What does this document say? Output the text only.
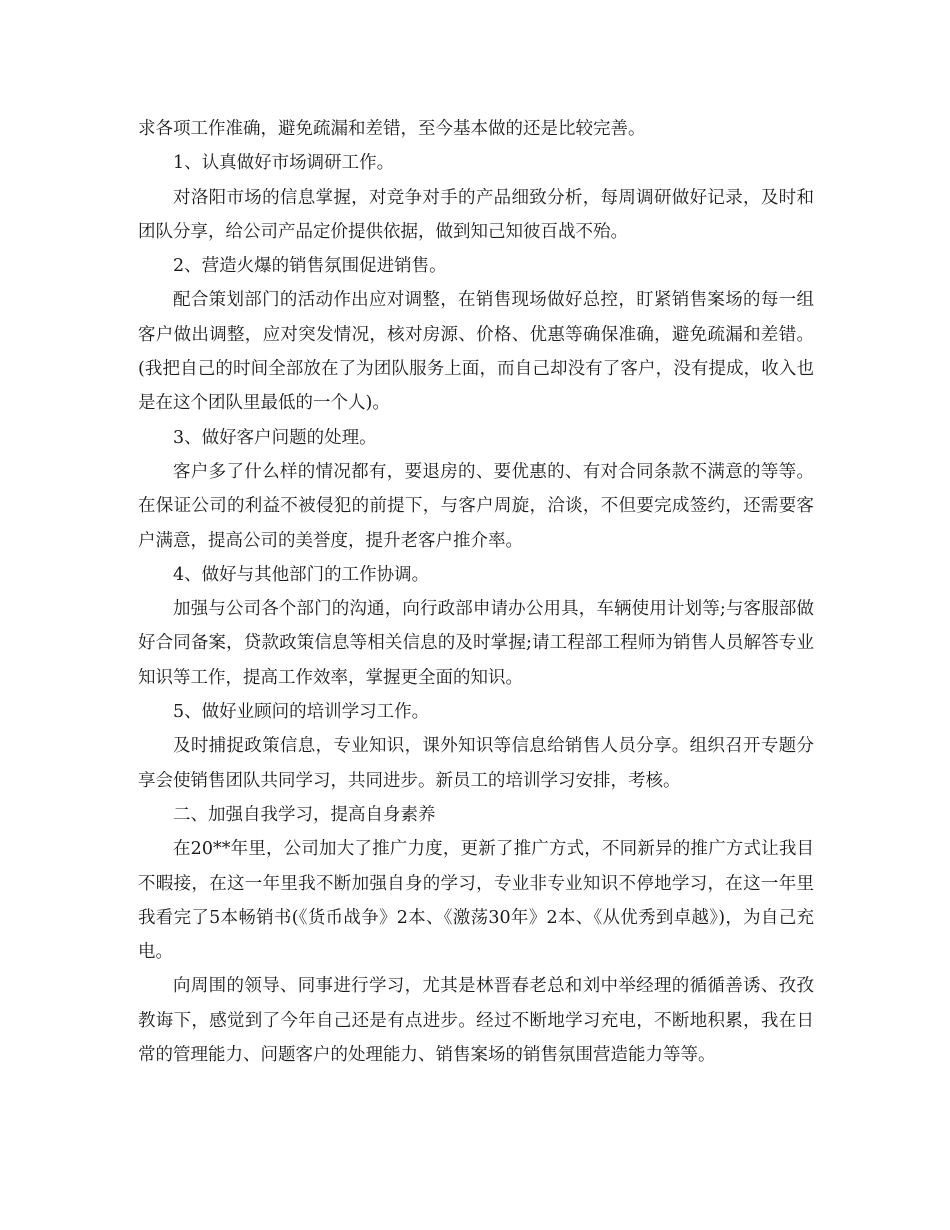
求各项工作准确，避免疏漏和差错，至今基本做的还是比较完善。

1、认真做好市场调研工作。

对洛阳市场的信息掌握，对竞争对手的产品细致分析，每周调研做好记录，及时和团队分享，给公司产品定价提供依据，做到知己知彼百战不殆。

2、营造火爆的销售氛围促进销售。

配合策划部门的活动作出应对调整，在销售现场做好总控，盯紧销售案场的每一组客户做出调整，应对突发情况，核对房源、价格、优惠等确保准确，避免疏漏和差错。(我把自己的时间全部放在了为团队服务上面，而自己却没有了客户，没有提成，收入也是在这个团队里最低的一个人)。

3、做好客户问题的处理。

客户多了什么样的情况都有，要退房的、要优惠的、有对合同条款不满意的等等。在保证公司的利益不被侵犯的前提下，与客户周旋，洽谈，不但要完成签约，还需要客户满意，提高公司的美誉度，提升老客户推介率。

4、做好与其他部门的工作协调。

加强与公司各个部门的沟通，向行政部申请办公用具，车辆使用计划等;与客服部做好合同备案，贷款政策信息等相关信息的及时掌握;请工程部工程师为销售人员解答专业知识等工作，提高工作效率，掌握更全面的知识。

5、做好业顾问的培训学习工作。

及时捕捉政策信息，专业知识，课外知识等信息给销售人员分享。组织召开专题分享会使销售团队共同学习，共同进步。新员工的培训学习安排，考核。

二、加强自我学习，提高自身素养

在20**年里，公司加大了推广力度，更新了推广方式，不同新异的推广方式让我目不暇接，在这一年里我不断加强自身的学习，专业非专业知识不停地学习，在这一年里我看完了5本畅销书(《货币战争》2本、《激荡30年》2本、《从优秀到卓越》)，为自己充电。

向周围的领导、同事进行学习，尤其是林晋春老总和刘中举经理的循循善诱、孜孜教诲下，感觉到了今年自己还是有点进步。经过不断地学习充电，不断地积累，我在日常的管理能力、问题客户的处理能力、销售案场的销售氛围营造能力等等。
